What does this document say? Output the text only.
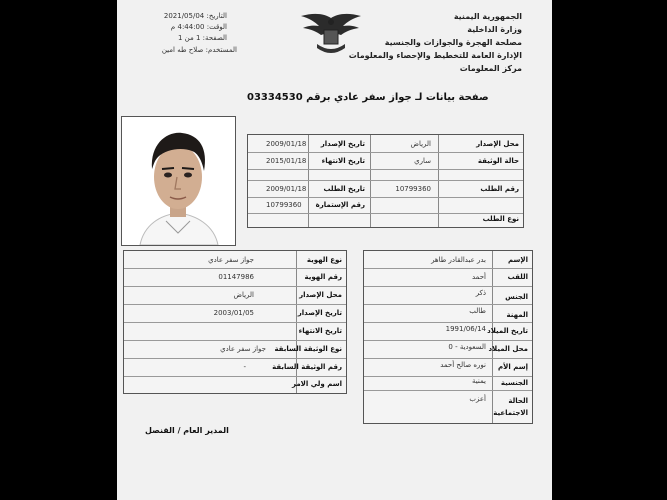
الجمهورية اليمنية
وزارة الداخلية
مصلحة الهجرة والجوازات والجنسية
الإدارة العامة للتخطيط والإحصاء والمعلومات
مركز المعلومات
التاريخ: 2021/05/04
الوقت: 4:44:00 م
الصفحة: 1 من 1
المستخدم: صلاح طه امين
صفحة بيانات لـ جواز سفر عادي برقم 03334530
محل الإصدار
الرياض
تاريخ الإصدار
2009/01/18
حالة الوثيقة
ساري
تاريخ الانتهاء
2015/01/18
رقم الطلب
10799360
تاريخ الطلب
2009/01/18
رقم الإستمارة
10799360
نوع الطلب
نوع الهوية
جواز سفر عادي
رقم الهوية
01147986
محل الإصدار
الرياض
تاريخ الإصدار
2003/01/05
تاريخ الانتهاء
نوع الوثيقة السابقة
جواز سفر عادي
رقم الوثيقة السابقة
-
اسم ولي الامر
الإسم
بدر عبدالقادر طاهر
اللقب
أحمد
الجنس
ذكر
المهنة
طالب
تاريخ الميلاد
1991/06/14
محل الميلاد
السعودية - 0
إسم الأم
نوره صالح أحمد
الجنسية
يمنية
الحالة
الاجتماعية
أعزب
المدير العام / القنصل
